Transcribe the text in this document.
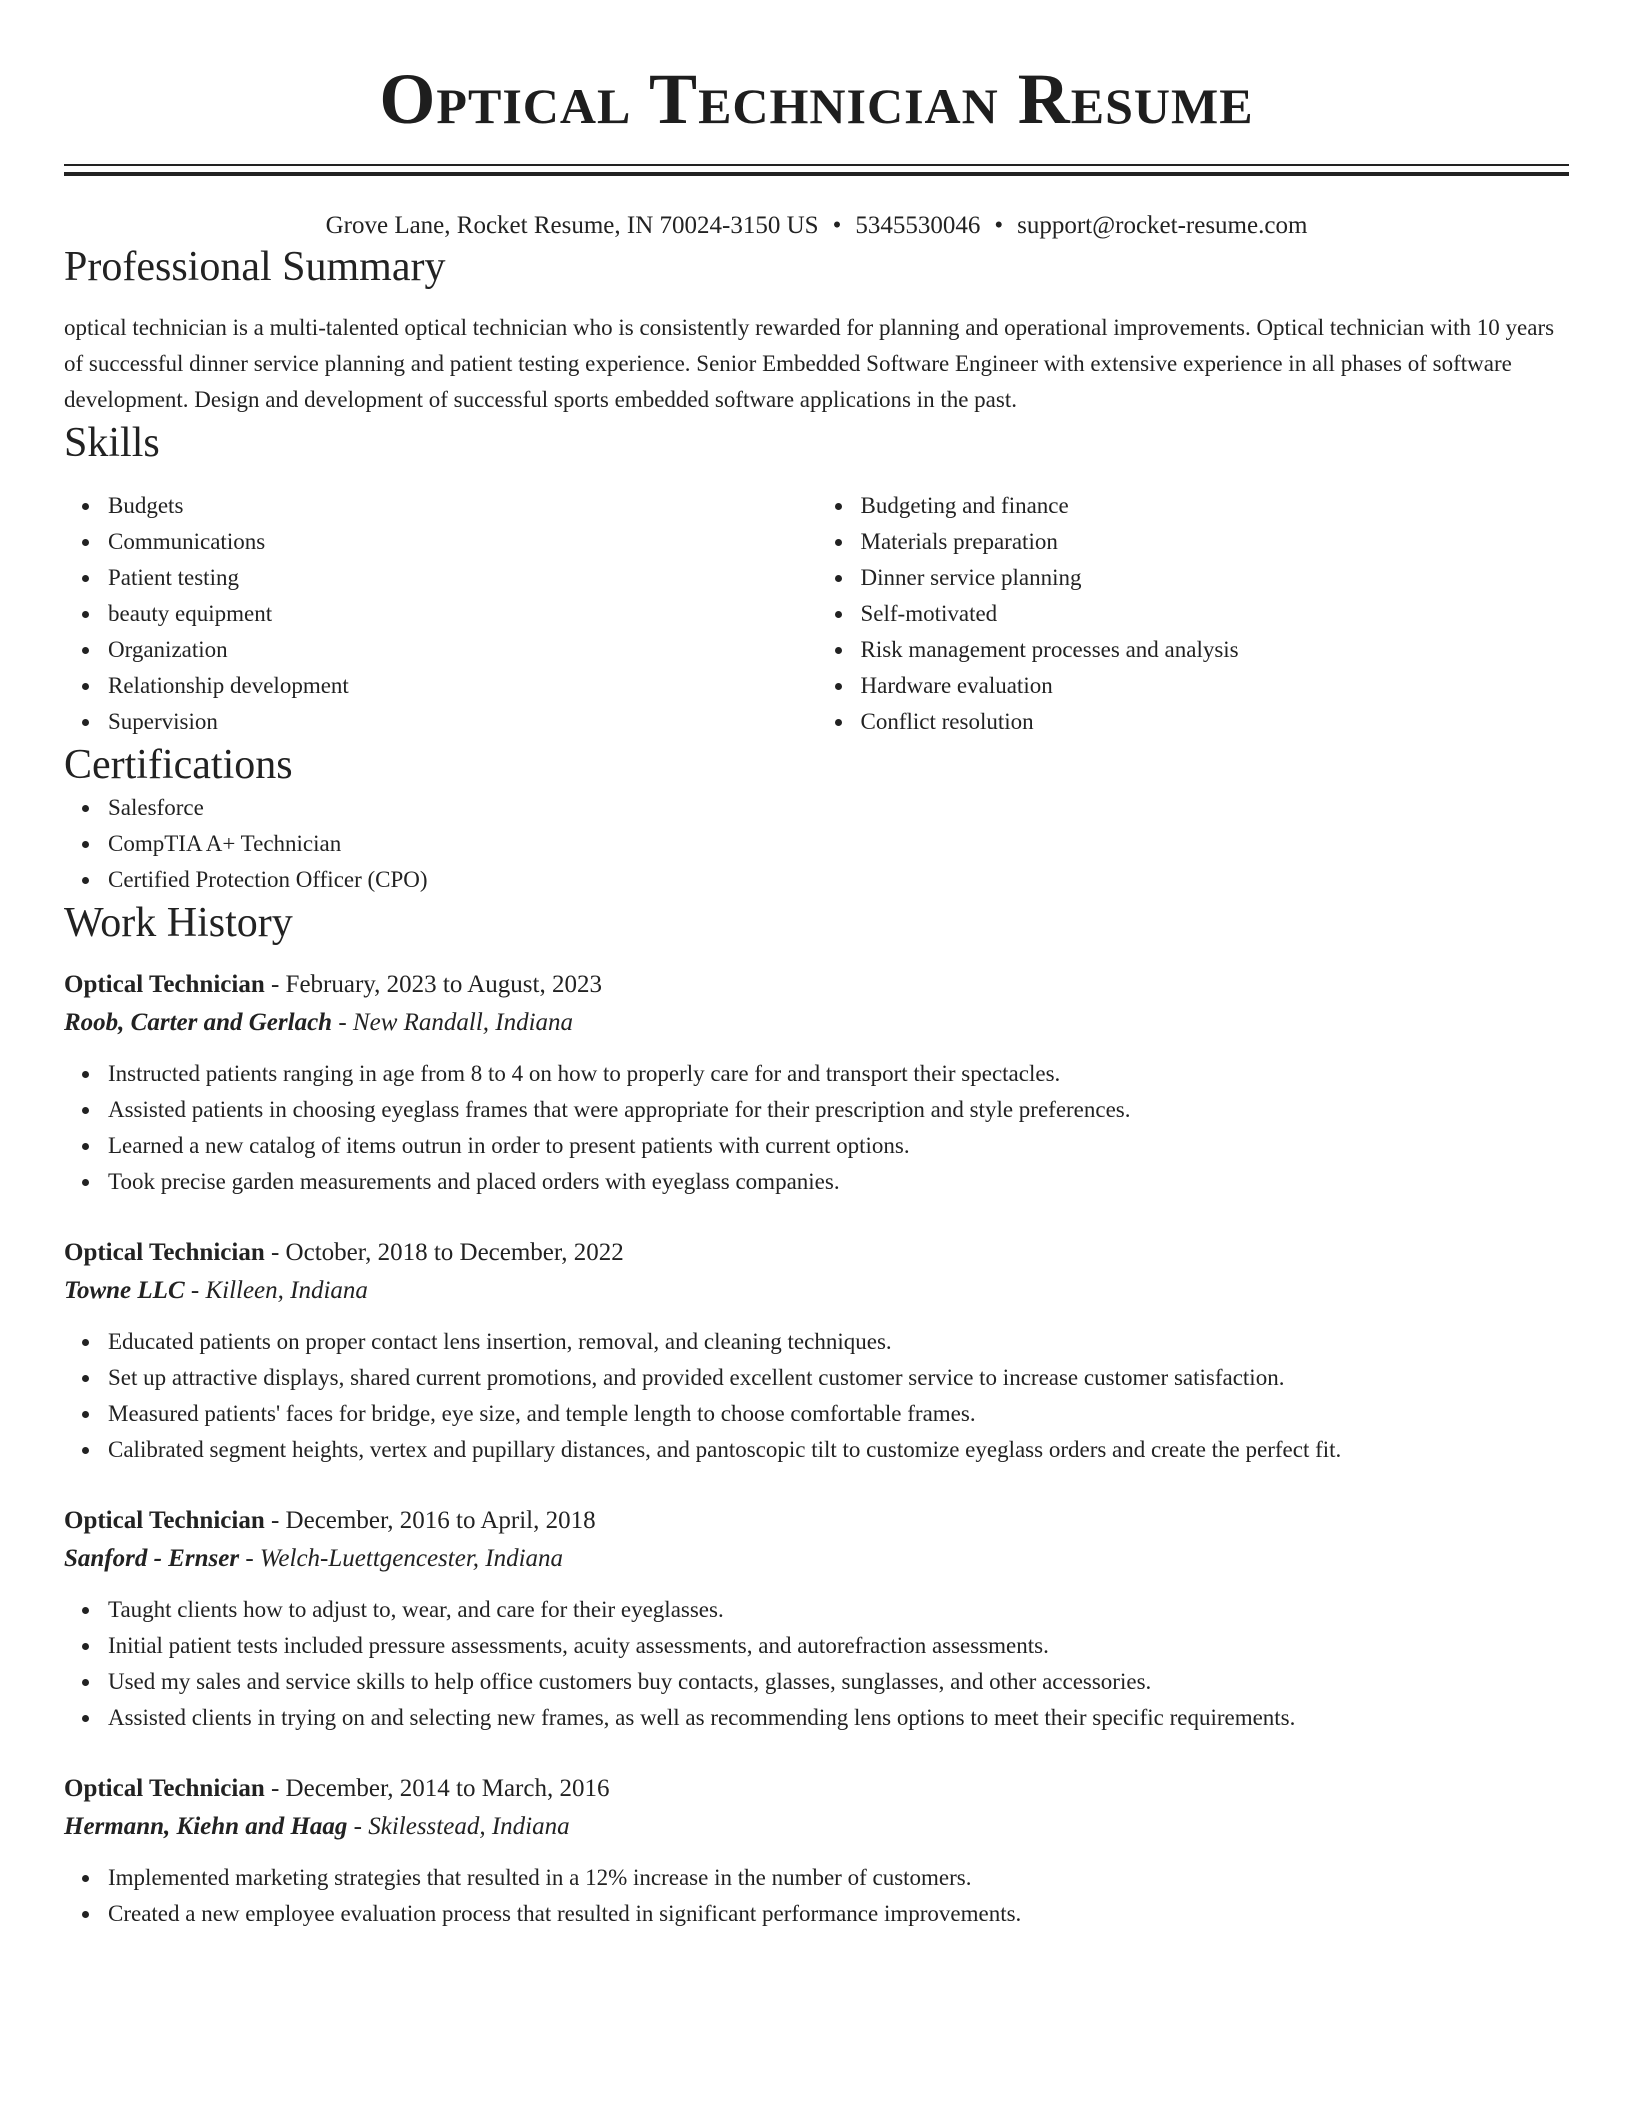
Optical Technician Resume
Grove Lane, Rocket Resume, IN 70024-3150 US • 5345530046 • support@rocket-resume.com
Professional Summary

optical technician is a multi-talented optical technician who is consistently rewarded for planning and operational improvements. Optical technician with 10 years of successful dinner service planning and patient testing experience. Senior Embedded Software Engineer with extensive experience in all phases of software development. Design and development of successful sports embedded software applications in the past.

Skills
Budgets
Communications
Patient testing
beauty equipment
Organization
Relationship development
Supervision
Budgeting and finance
Materials preparation
Dinner service planning
Self-motivated
Risk management processes and analysis
Hardware evaluation
Conflict resolution
Certifications
Salesforce
CompTIA A+ Technician
Certified Protection Officer (CPO)
Work History
Optical Technician - February, 2023 to August, 2023
Roob, Carter and Gerlach - New Randall, Indiana
Instructed patients ranging in age from 8 to 4 on how to properly care for and transport their spectacles.
Assisted patients in choosing eyeglass frames that were appropriate for their prescription and style preferences.
Learned a new catalog of items outrun in order to present patients with current options.
Took precise garden measurements and placed orders with eyeglass companies.
Optical Technician - October, 2018 to December, 2022
Towne LLC - Killeen, Indiana
Educated patients on proper contact lens insertion, removal, and cleaning techniques.
Set up attractive displays, shared current promotions, and provided excellent customer service to increase customer satisfaction.
Measured patients' faces for bridge, eye size, and temple length to choose comfortable frames.
Calibrated segment heights, vertex and pupillary distances, and pantoscopic tilt to customize eyeglass orders and create the perfect fit.
Optical Technician - December, 2016 to April, 2018
Sanford - Ernser - Welch-Luettgencester, Indiana
Taught clients how to adjust to, wear, and care for their eyeglasses.
Initial patient tests included pressure assessments, acuity assessments, and autorefraction assessments.
Used my sales and service skills to help office customers buy contacts, glasses, sunglasses, and other accessories.
Assisted clients in trying on and selecting new frames, as well as recommending lens options to meet their specific requirements.
Optical Technician - December, 2014 to March, 2016
Hermann, Kiehn and Haag - Skilesstead, Indiana
Implemented marketing strategies that resulted in a 12% increase in the number of customers.
Created a new employee evaluation process that resulted in significant performance improvements.
